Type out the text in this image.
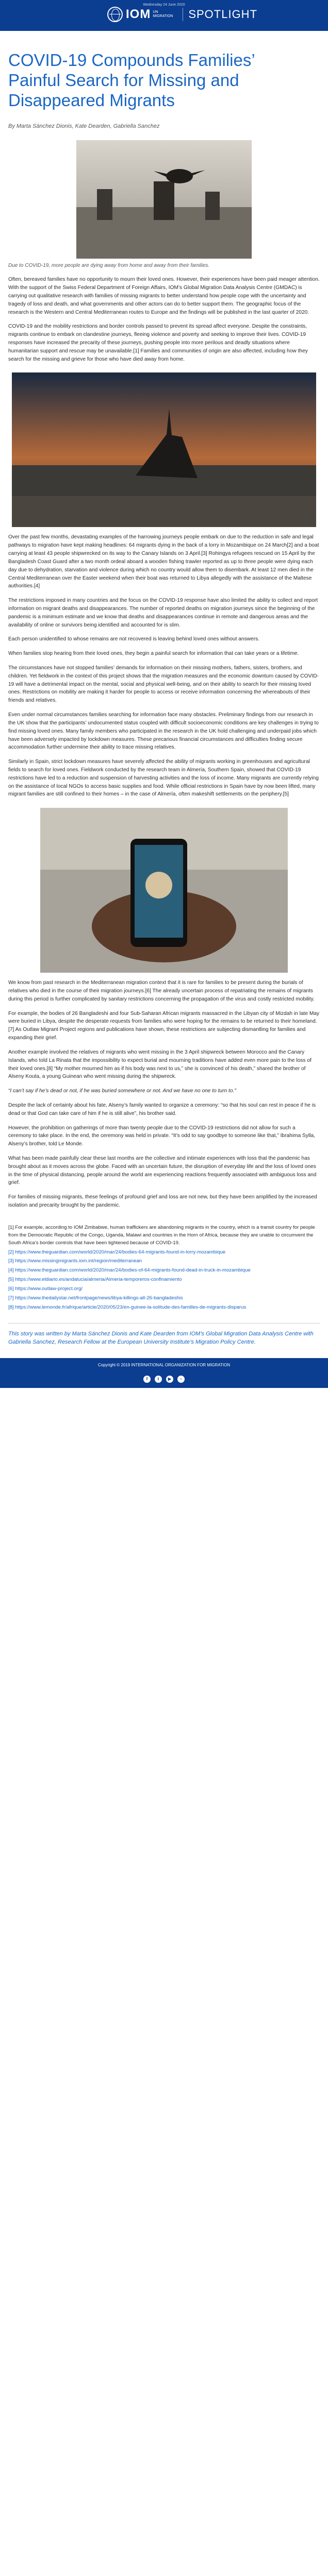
Wednesday 24 June 2020
IOM UN MIGRATION	SPOTLIGHT
COVID-19 Compounds Families’ Painful Search for Missing and Disappeared Migrants
By Marta Sánchez Dionis, Kate Dearden, Gabriella Sanchez
Due to COVID-19, more people are dying away from home and away from their families.

Often, bereaved families have no opportunity to mourn their loved ones. However, their experiences have been paid meager attention. With the support of the Swiss Federal Department of Foreign Affairs, IOM’s Global Migration Data Analysis Centre (GMDAC) is carrying out qualitative research with families of missing migrants to better understand how people cope with the uncertainty and tragedy of loss and death, and what governments and other actors can do to better support them. The geographic focus of the research is the Western and Central Mediterranean routes to Europe and the findings will be published in the last quarter of 2020.

COVID-19 and the mobility restrictions and border controls passed to prevent its spread affect everyone. Despite the constraints, migrants continue to embark on clandestine journeys, fleeing violence and poverty and seeking to improve their lives. COVID-19 responses have increased the precarity of these journeys, pushing people into more perilous and deadly situations where humanitarian support and rescue may be unavailable.[1] Families and communities of origin are also affected, including how they search for the missing and grieve for those who have died away from home.

Over the past few months, devastating examples of the harrowing journeys people embark on due to the reduction in safe and legal pathways to migration have kept making headlines: 64 migrants dying in the back of a lorry in Mozambique on 24 March[2] and a boat carrying at least 43 people shipwrecked on its way to the Canary Islands on 3 April.[3] Rohingya refugees rescued on 15 April by the Bangladesh Coast Guard after a two month ordeal aboard a wooden fishing trawler reported as up to three people were dying each day due to dehydration, starvation and violence during which no country would allow them to disembark. At least 12 men died in the Central Mediterranean over the Easter weekend when their boat was returned to Libya allegedly with the assistance of the Maltese authorities.[4]

The restrictions imposed in many countries and the focus on the COVID-19 response have also limited the ability to collect and report information on migrant deaths and disappearances. The number of reported deaths on migration journeys since the beginning of the pandemic is a minimum estimate and we know that deaths and disappearances continue in remote and dangerous areas and the availability of online or survivors being identified and accounted for is slim.

Each person unidentified to whose remains are not recovered is leaving behind loved ones without answers.

When families stop hearing from their loved ones, they begin a painful search for information that can take years or a lifetime.

The circumstances have not stopped families’ demands for information on their missing mothers, fathers, sisters, brothers, and children. Yet fieldwork in the context of this project shows that the migration measures and the economic downturn caused by COVID-19 will have a detrimental impact on the mental, social and physical well-being, and on their ability to search for their missing loved ones. Restrictions on mobility are making it harder for people to access or receive information concerning the whereabouts of their friends and relatives.

Even under normal circumstances families searching for information face many obstacles. Preliminary findings from our research in the UK show that the participants’ undocumented status coupled with difficult socioeconomic conditions are key challenges in trying to find missing loved ones. Many family members who participated in the research in the UK hold challenging and underpaid jobs which have been adversely impacted by lockdown measures. These precarious financial circumstances and difficulties finding secure accommodation further undermine their ability to trace missing relatives.

Similarly in Spain, strict lockdown measures have severely affected the ability of migrants working in greenhouses and agricultural fields to search for loved ones. Fieldwork conducted by the research team in Almería, Southern Spain, showed that COVID-19 restrictions have led to a reduction and suspension of harvesting activities and the loss of income. Many migrants are currently relying on the assistance of local NGOs to access basic supplies and food. While official restrictions in Spain have by now been lifted, many migrant families are still confined to their homes – in the case of Almería, often makeshift settlements on the periphery.[5]

We know from past research in the Mediterranean migration context that it is rare for families to be present during the burials of relatives who died in the course of their migration journeys.[6] The already uncertain process of repatriating the remains of migrants during this period is further complicated by sanitary restrictions concerning the propagation of the virus and costly restricted mobility.

For example, the bodies of 26 Bangladeshi and four Sub-Saharan African migrants massacred in the Libyan city of Mizdah in late May were buried in Libya, despite the desperate requests from families who were hoping for the remains to be returned to their homeland.[7] As Outlaw Migrant Project regions and publications have shown, these restrictions are subjecting dismantling for families and expanding their grief.

Another example involved the relatives of migrants who went missing in the 3 April shipwreck between Morocco and the Canary Islands, who told La Rinata that the impossibility to expect burial and mourning traditions have added even more pain to the loss of their loved ones.[8] “My mother mourned him as if his body was next to us,” she is convinced of his death,” shared the brother of Alseny Kouta, a young Guinean who went missing during the shipwreck.

“I can’t say if he’s dead or not, if he was buried somewhere or not. And we have no one to turn to.”

Despite the lack of certainty about his fate, Alseny’s family wanted to organize a ceremony: “so that his soul can rest in peace if he is dead or that God can take care of him if he is still alive”, his brother said.

However, the prohibition on gatherings of more than twenty people due to the COVID-19 restrictions did not allow for such a ceremony to take place. In the end, the ceremony was held in private. “It’s odd to say goodbye to someone like that,” Ibrahima Sylla, Alseny’s brother, told Le Monde.

What has been made painfully clear these last months are the collective and intimate experiences with loss that the pandemic has brought about as it moves across the globe. Faced with an uncertain future, the disruption of everyday life and the loss of loved ones in the time of physical distancing, people around the world are experiencing reactions frequently associated with ambiguous loss and grief.

For families of missing migrants, these feelings of profound grief and loss are not new, but they have been amplified by the increased isolation and precarity brought by the pandemic.

[1] For example, according to IOM Zimbabwe, human traffickers are abandoning migrants in the country, which is a transit country for people from the Democratic Republic of the Congo, Uganda, Malawi and countries in the Horn of Africa, because they are unable to circumvent the South Africa’s border controls that have been tightened because of COVID-19.
[2] https://www.theguardian.com/world/2020/mar/24/bodies-64-migrants-found-in-lorry-mozambique
[3] https://www.missingmigrants.iom.int/region/mediterranean
[4] https://www.theguardian.com/world/2020/mar/24/bodies-of-64-migrants-found-dead-in-truck-in-mozambique
[5] https://www.eldiario.es/andalucia/almeria/Almeria-temporeros-confinamiento
[6] https://www.outlaw-project.org/
[7] https://www.thedailystar.net/frontpage/news/libya-killings-all-26-bangladeshis
[8] https://www.lemonde.fr/afrique/article/2020/05/23/en-guinee-la-solitude-des-familles-de-migrants-disparus
This story was written by Marta Sánchez Dionis and Kate Dearden from IOM’s Global Migration Data Analysis Centre with Gabriella Sanchez, Research Fellow at the European University Institute’s Migration Policy Centre.
Copyright © 2019 INTERNATIONAL ORGANIZATION FOR MIGRATION
f	t	▶	○
